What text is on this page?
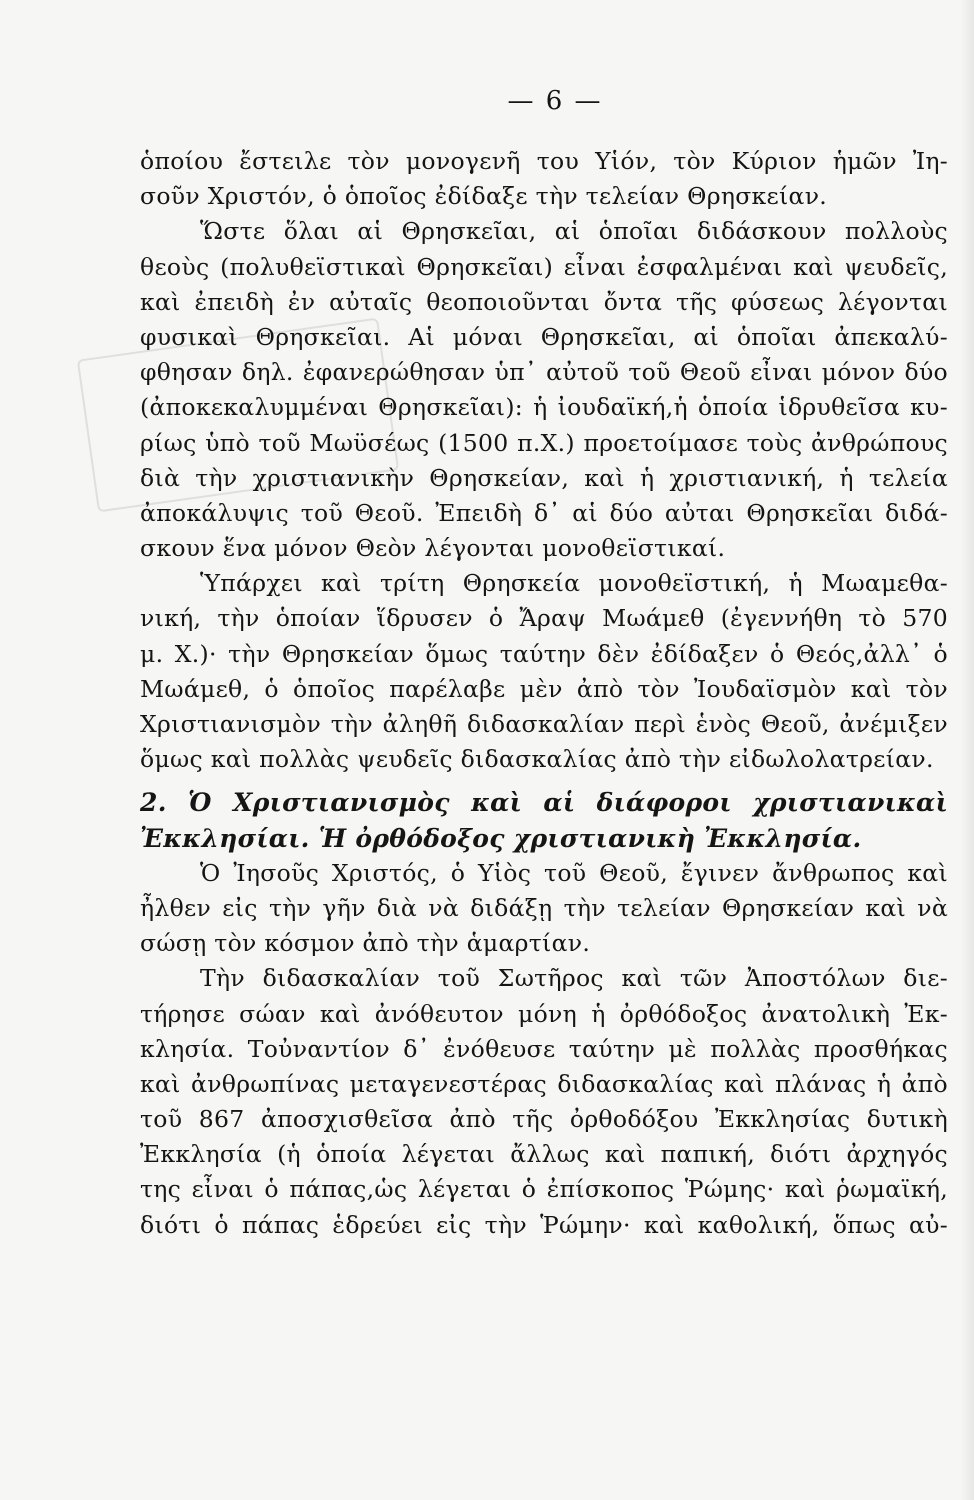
— 6 —
ὁποίου ἔστειλε τὸν μονογενῆ του Υἱόν, τὸν Κύριον ἡμῶν Ἰη-
σοῦν Χριστόν, ὁ ὁποῖος ἐδίδαξε τὴν τελείαν Θρησκείαν.
Ὥστε ὅλαι αἱ Θρησκεῖαι, αἱ ὁποῖαι διδάσκουν πολλοὺς
θεοὺς (πολυθεϊστικαὶ Θρησκεῖαι) εἶναι ἐσφαλμέναι καὶ ψευδεῖς,
καὶ ἐπειδὴ ἐν αὐταῖς θεοποιοῦνται ὄντα τῆς φύσεως λέγονται
φυσικαὶ Θρησκεῖαι. Αἱ μόναι Θρησκεῖαι, αἱ ὁποῖαι ἀπεκαλύ-
φθησαν δηλ. ἐφανερώθησαν ὑπ᾿ αὐτοῦ τοῦ Θεοῦ εἶναι μόνον δύο
(ἀποκεκαλυμμέναι Θρησκεῖαι): ἡ ἰουδαϊκή,ἡ ὁποία ἱδρυθεῖσα κυ-
ρίως ὑπὸ τοῦ Μωϋσέως (1500 π.Χ.) προετοίμασε τοὺς ἀνθρώπους
διὰ τὴν χριστιανικὴν Θρησκείαν, καὶ ἡ χριστιανική, ἡ τελεία
ἀποκάλυψις τοῦ Θεοῦ. Ἐπειδὴ δ᾿ αἱ δύο αὐται Θρησκεῖαι διδά-
σκουν ἕνα μόνον Θεὸν λέγονται μονοθεϊστικαί.
Ὑπάρχει καὶ τρίτη Θρησκεία μονοθεϊστική, ἡ Μωαμεθα-
νική, τὴν ὁποίαν ἵδρυσεν ὁ Ἄραψ Μωάμεθ (ἐγεννήθη τὸ 570
μ. Χ.)· τὴν Θρησκείαν ὅμως ταύτην δὲν ἐδίδαξεν ὁ Θεός,ἀλλ᾿ ὁ
Μωάμεθ, ὁ ὁποῖος παρέλαβε μὲν ἀπὸ τὸν Ἰουδαϊσμὸν καὶ τὸν
Χριστιανισμὸν τὴν ἀληθῆ διδασκαλίαν περὶ ἑνὸς Θεοῦ, ἀνέμιξεν
ὅμως καὶ πολλὰς ψευδεῖς διδασκαλίας ἀπὸ τὴν εἰδωλολατρείαν.
2. Ὁ Χριστιανισμὸς καὶ αἱ διάφοροι χριστιανικαὶ
Ἐκκλησίαι. Ἡ ὀρθόδοξος χριστιανικὴ Ἐκκλησία.
Ὁ Ἰησοῦς Χριστός, ὁ Υἱὸς τοῦ Θεοῦ, ἔγινεν ἄνθρωπος καὶ
ἦλθεν εἰς τὴν γῆν διὰ νὰ διδάξῃ τὴν τελείαν Θρησκείαν καὶ νὰ
σώσῃ τὸν κόσμον ἀπὸ τὴν ἁμαρτίαν.
Τὴν διδασκαλίαν τοῦ Σωτῆρος καὶ τῶν Ἀποστόλων διε-
τήρησε σώαν καὶ ἀνόθευτον μόνη ἡ ὀρθόδοξος ἀνατολικὴ Ἐκ-
κλησία. Τοὐναντίον δ᾿ ἐνόθευσε ταύτην μὲ πολλὰς προσθήκας
καὶ ἀνθρωπίνας μεταγενεστέρας διδασκαλίας καὶ πλάνας ἡ ἀπὸ
τοῦ 867 ἀποσχισθεῖσα ἀπὸ τῆς ὀρθοδόξου Ἐκκλησίας δυτικὴ
Ἐκκλησία (ἡ ὁποία λέγεται ἄλλως καὶ παπική, διότι ἀρχηγός
της εἶναι ὁ πάπας,ὡς λέγεται ὁ ἐπίσκοπος Ῥώμης· καὶ ῥωμαϊκή,
διότι ὁ πάπας ἑδρεύει εἰς τὴν Ῥώμην· καὶ καθολική, ὅπως αὐ-
